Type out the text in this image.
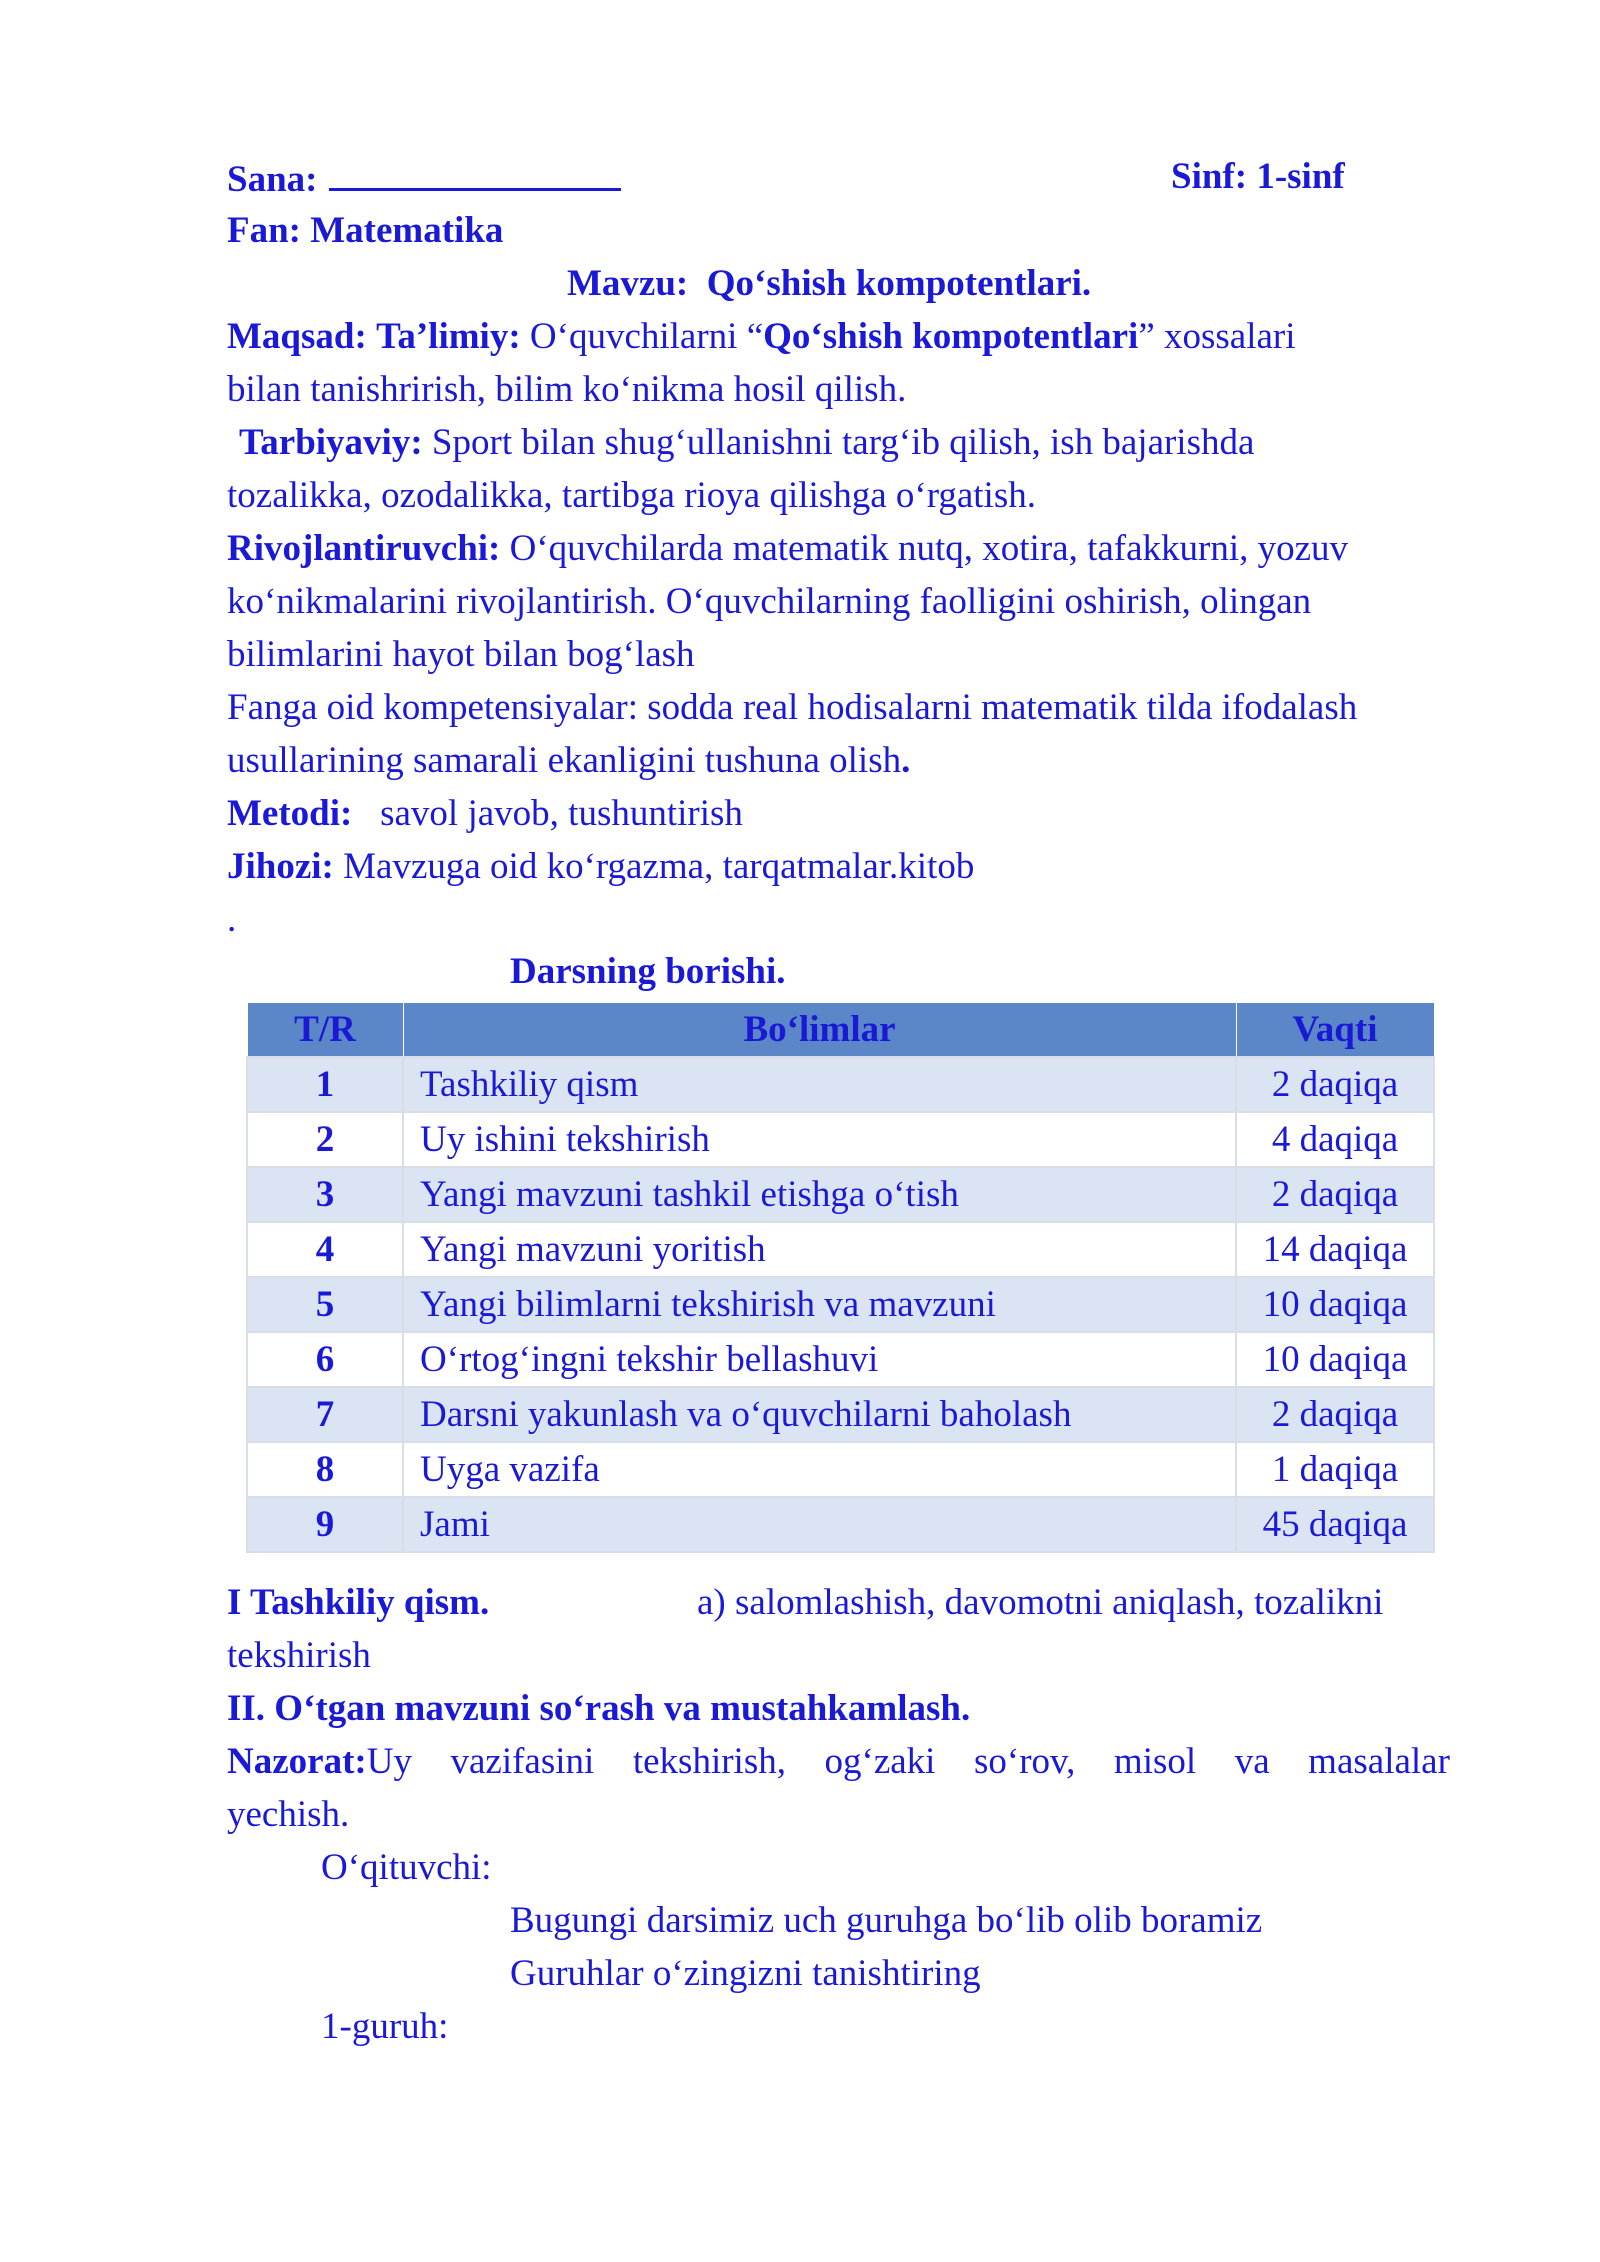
Sana:	Sinf: 1-sinf
Fan: Matematika
Mavzu: Qo‘shish kompotentlari.
Maqsad: Ta’limiy: O‘quvchilarni “Qo‘shish kompotentlari” xossalari
bilan tanishrirish, bilim ko‘nikma hosil qilish.
Tarbiyaviy: Sport bilan shug‘ullanishni targ‘ib qilish, ish bajarishda
tozalikka, ozodalikka, tartibga rioya qilishga o‘rgatish.
Rivojlantiruvchi: O‘quvchilarda matematik nutq, xotira, tafakkurni, yozuv
ko‘nikmalarini rivojlantirish. O‘quvchilarning faolligini oshirish, olingan
bilimlarini hayot bilan bog‘lash
Fanga oid kompetensiyalar: sodda real hodisalarni matematik tilda ifodalash
usullarining samarali ekanligini tushuna olish.
Metodi: savol javob, tushuntirish
Jihozi: Mavzuga oid ko‘rgazma, tarqatmalar.kitob
.
Darsning borishi.
T/R	Bo‘limlar	Vaqti
1	Tashkiliy qism	2 daqiqa
2	Uy ishini tekshirish	4 daqiqa
3	Yangi mavzuni tashkil etishga o‘tish	2 daqiqa
4	Yangi mavzuni yoritish	14 daqiqa
5	Yangi bilimlarni tekshirish va mavzuni	10 daqiqa
6	O‘rtog‘ingni tekshir bellashuvi	10 daqiqa
7	Darsni yakunlash va o‘quvchilarni baholash	2 daqiqa
8	Uyga vazifa	1 daqiqa
9	Jami	45 daqiqa
I Tashkiliy qism.	a) salomlashish, davomotni aniqlash, tozalikni
tekshirish
II. O‘tgan mavzuni so‘rash va mustahkamlash.
Nazorat:Uy vazifasini tekshirish, og‘zaki so‘rov, misol va masalalar
yechish.
O‘qituvchi:
Bugungi darsimiz uch guruhga bo‘lib olib boramiz
Guruhlar o‘zingizni tanishtiring
1-guruh:
